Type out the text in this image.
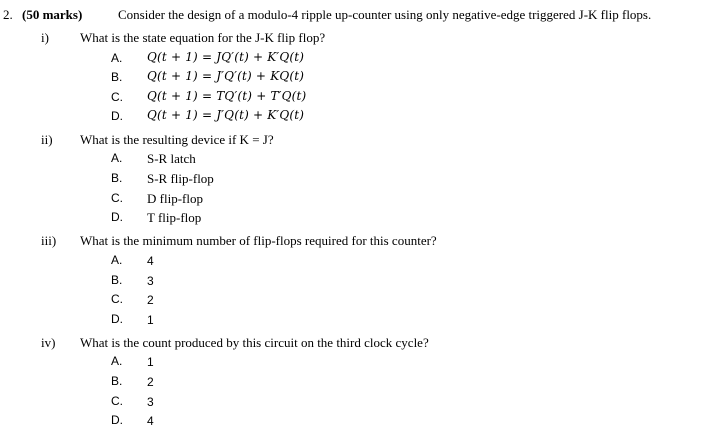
2. (50 marks)	Consider the design of a modulo-4 ripple up-counter using only negative-edge triggered J-K flip flops.
i) What is the state equation for the J-K flip flop?
A. Q(t + 1) = JQ′(t) + K′Q(t)
B. Q(t + 1) = J′Q′(t) + KQ(t)
C. Q(t + 1) = TQ′(t) + T′Q(t)
D. Q(t + 1) = J′Q(t) + K′Q(t)
ii) What is the resulting device if K = J?
A. S-R latch
B. S-R flip-flop
C. D flip-flop
D. T flip-flop
iii) What is the minimum number of flip-flops required for this counter?
A. 4
B. 3
C. 2
D. 1
iv) What is the count produced by this circuit on the third clock cycle?
A. 1
B. 2
C. 3
D. 4
